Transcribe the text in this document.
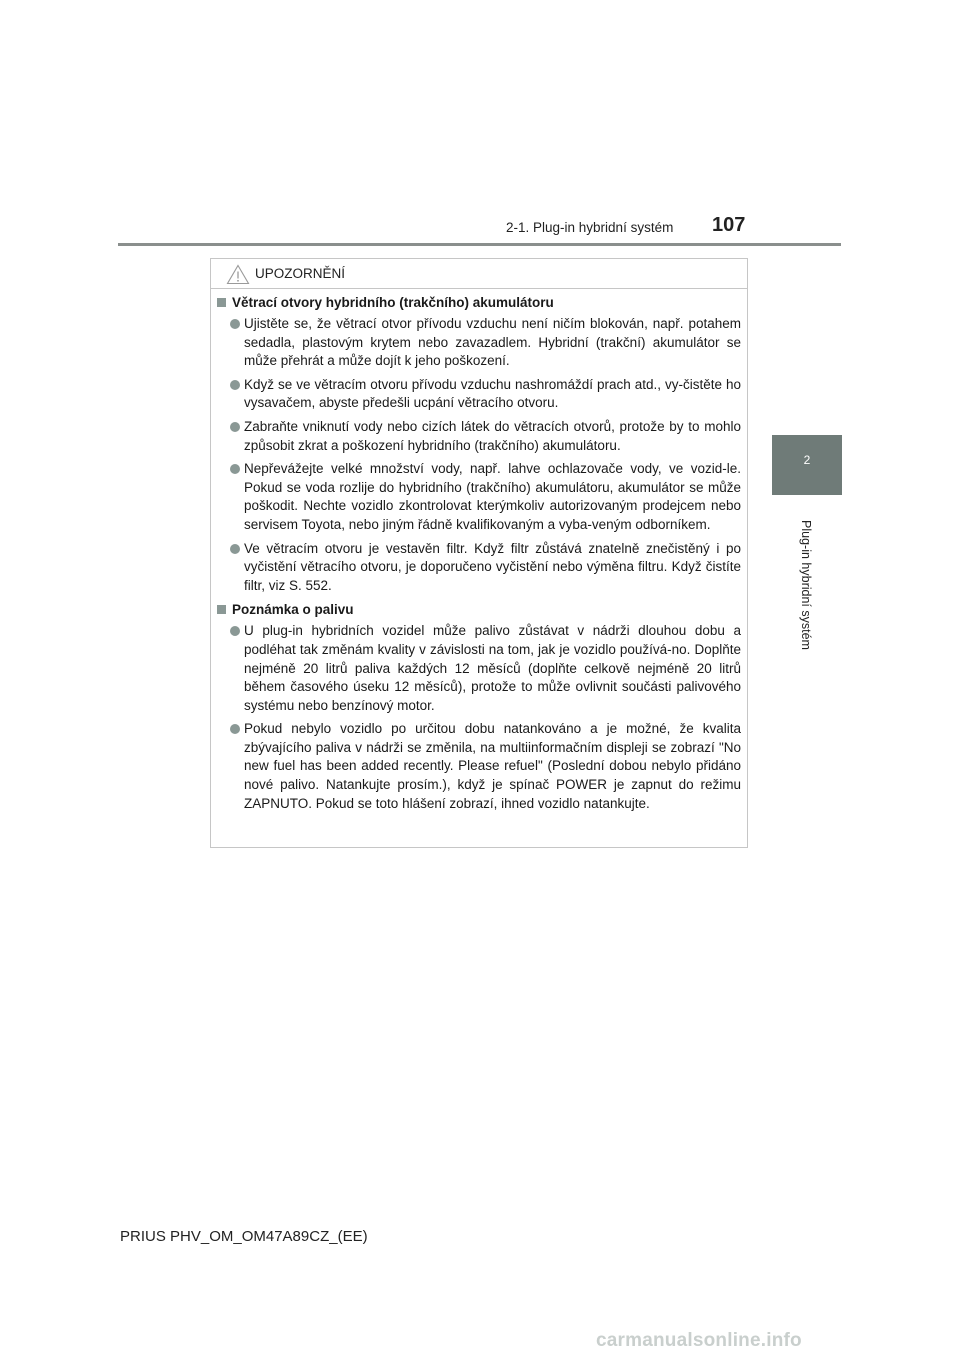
2-1. Plug-in hybridní systém 107
2
Plug-in hybridní systém
UPOZORNĚNÍ
Větrací otvory hybridního (trakčního) akumulátoru
Ujistěte se, že větrací otvor přívodu vzduchu není ničím blokován, např. potahem sedadla, plastovým krytem nebo zavazadlem. Hybridní (trakční) akumulátor se může přehrát a může dojít k jeho poškození.
Když se ve větracím otvoru přívodu vzduchu nashromáždí prach atd., vy-čistěte ho vysavačem, abyste předešli ucpání větracího otvoru.
Zabraňte vniknutí vody nebo cizích látek do větracích otvorů, protože by to mohlo způsobit zkrat a poškození hybridního (trakčního) akumulátoru.
Nepřevážejte velké množství vody, např. lahve ochlazovače vody, ve vozid-le. Pokud se voda rozlije do hybridního (trakčního) akumulátoru, akumulátor se může poškodit. Nechte vozidlo zkontrolovat kterýmkoliv autorizovaným prodejcem nebo servisem Toyota, nebo jiným řádně kvalifikovaným a vyba-veným odborníkem.
Ve větracím otvoru je vestavěn filtr. Když filtr zůstává znatelně znečistěný i po vyčistění větracího otvoru, je doporučeno vyčistění nebo výměna filtru. Když čistíte filtr, viz S. 552.
Poznámka o palivu
U plug-in hybridních vozidel může palivo zůstávat v nádrži dlouhou dobu a podléhat tak změnám kvality v závislosti na tom, jak je vozidlo používá-no. Doplňte nejméně 20 litrů paliva každých 12 měsíců (doplňte celkově nejméně 20 litrů během časového úseku 12 měsíců), protože to může ovlivnit součásti palivového systému nebo benzínový motor.
Pokud nebylo vozidlo po určitou dobu natankováno a je možné, že kvalita zbývajícího paliva v nádrži se změnila, na multiinformačním displeji se zobrazí "No new fuel has been added recently. Please refuel" (Poslední dobou nebylo přidáno nové palivo. Natankujte prosím.), když je spínač POWER je zapnut do režimu ZAPNUTO. Pokud se toto hlášení zobrazí, ihned vozidlo natankujte.
PRIUS PHV_OM_OM47A89CZ_(EE)
carmanualsonline.info
